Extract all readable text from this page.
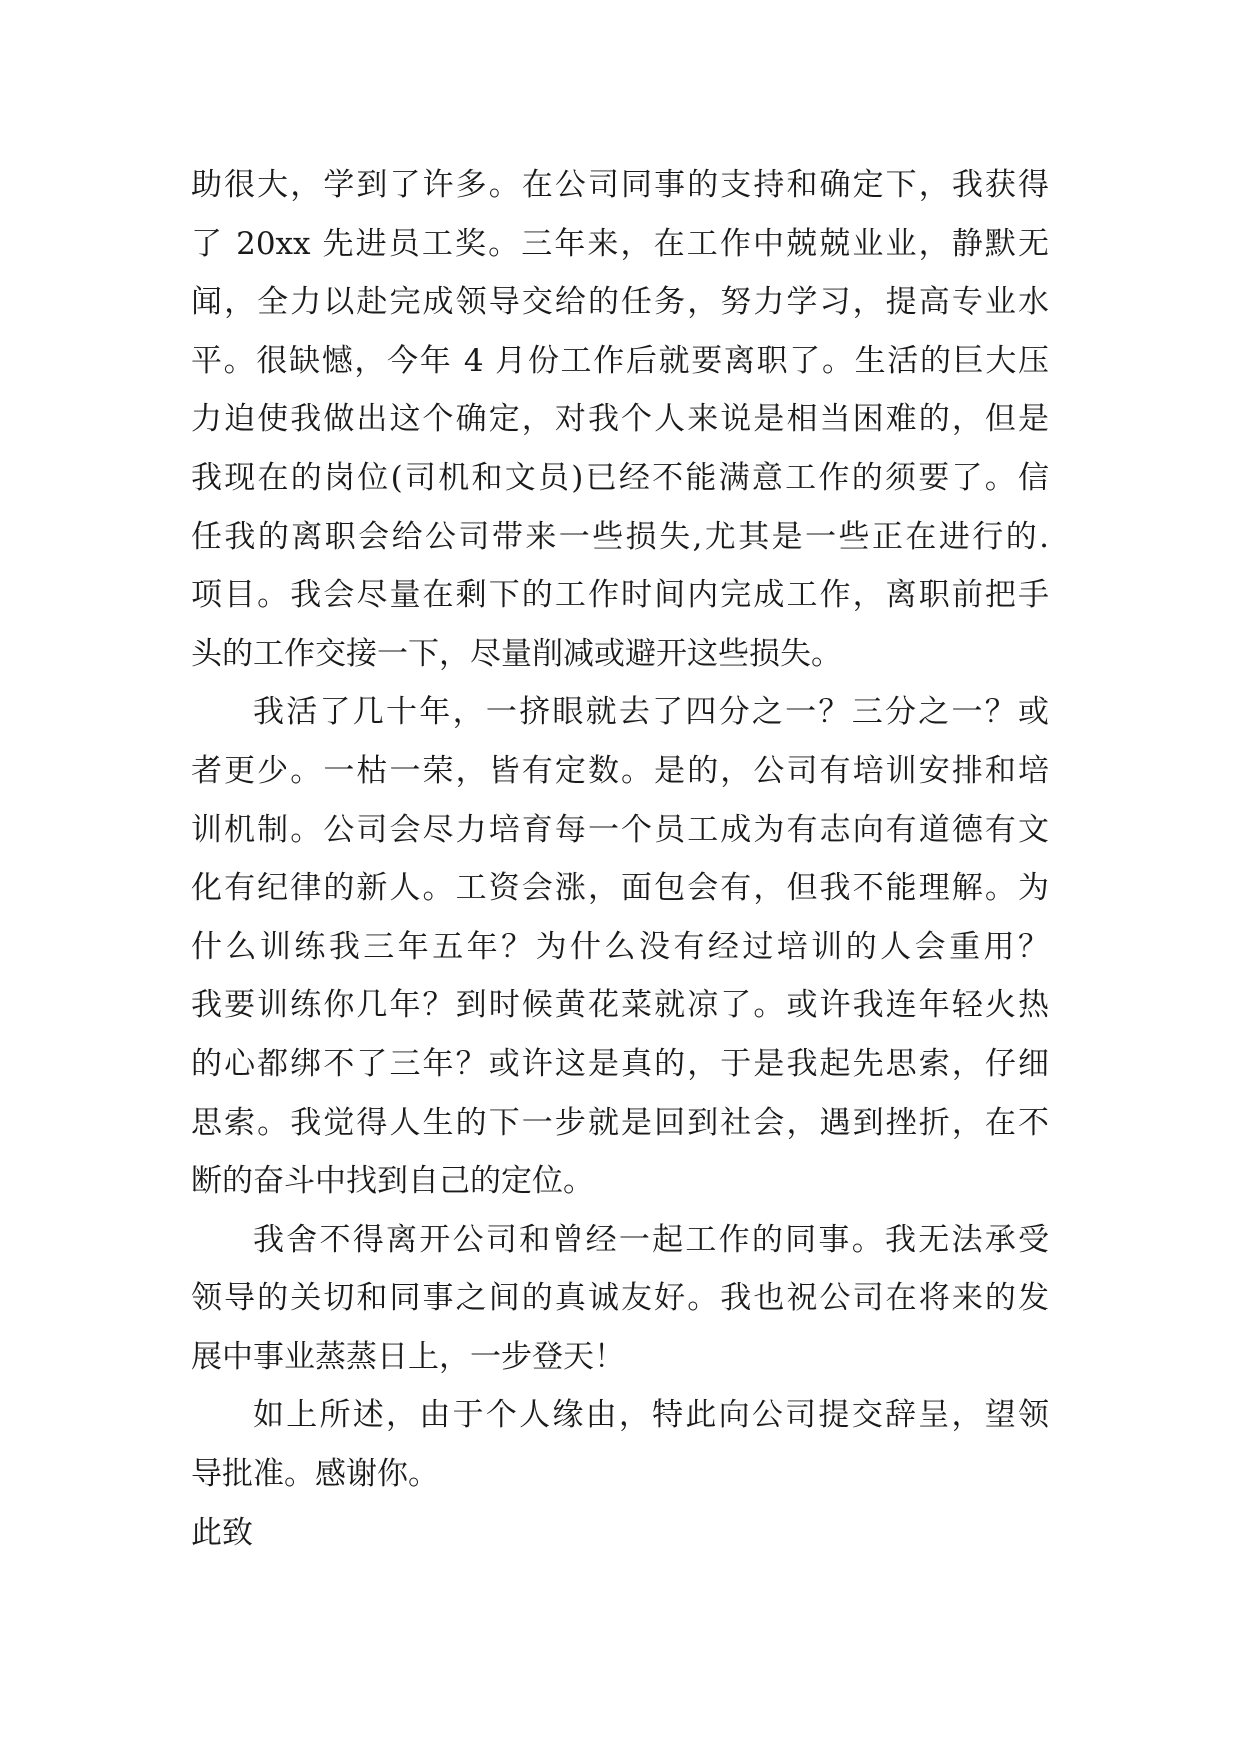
助很大，学到了许多。在公司同事的支持和确定下，我获得
了 20xx 先进员工奖。三年来，在工作中兢兢业业，静默无
闻，全力以赴完成领导交给的任务，努力学习，提高专业水
平。很缺憾，今年 4 月份工作后就要离职了。生活的巨大压
力迫使我做出这个确定，对我个人来说是相当困难的，但是
我现在的岗位(司机和文员)已经不能满意工作的须要了。信
任我的离职会给公司带来一些损失,尤其是一些正在进行的.
项目。我会尽量在剩下的工作时间内完成工作，离职前把手
头的工作交接一下，尽量削减或避开这些损失。
我活了几十年，一挤眼就去了四分之一？三分之一？或
者更少。一枯一荣，皆有定数。是的，公司有培训安排和培
训机制。公司会尽力培育每一个员工成为有志向有道德有文
化有纪律的新人。工资会涨，面包会有，但我不能理解。为
什么训练我三年五年？为什么没有经过培训的人会重用？
我要训练你几年？到时候黄花菜就凉了。或许我连年轻火热
的心都绑不了三年？或许这是真的，于是我起先思索，仔细
思索。我觉得人生的下一步就是回到社会，遇到挫折，在不
断的奋斗中找到自己的定位。
我舍不得离开公司和曾经一起工作的同事。我无法承受
领导的关切和同事之间的真诚友好。我也祝公司在将来的发
展中事业蒸蒸日上，一步登天！
如上所述，由于个人缘由，特此向公司提交辞呈，望领
导批准。感谢你。
此致
